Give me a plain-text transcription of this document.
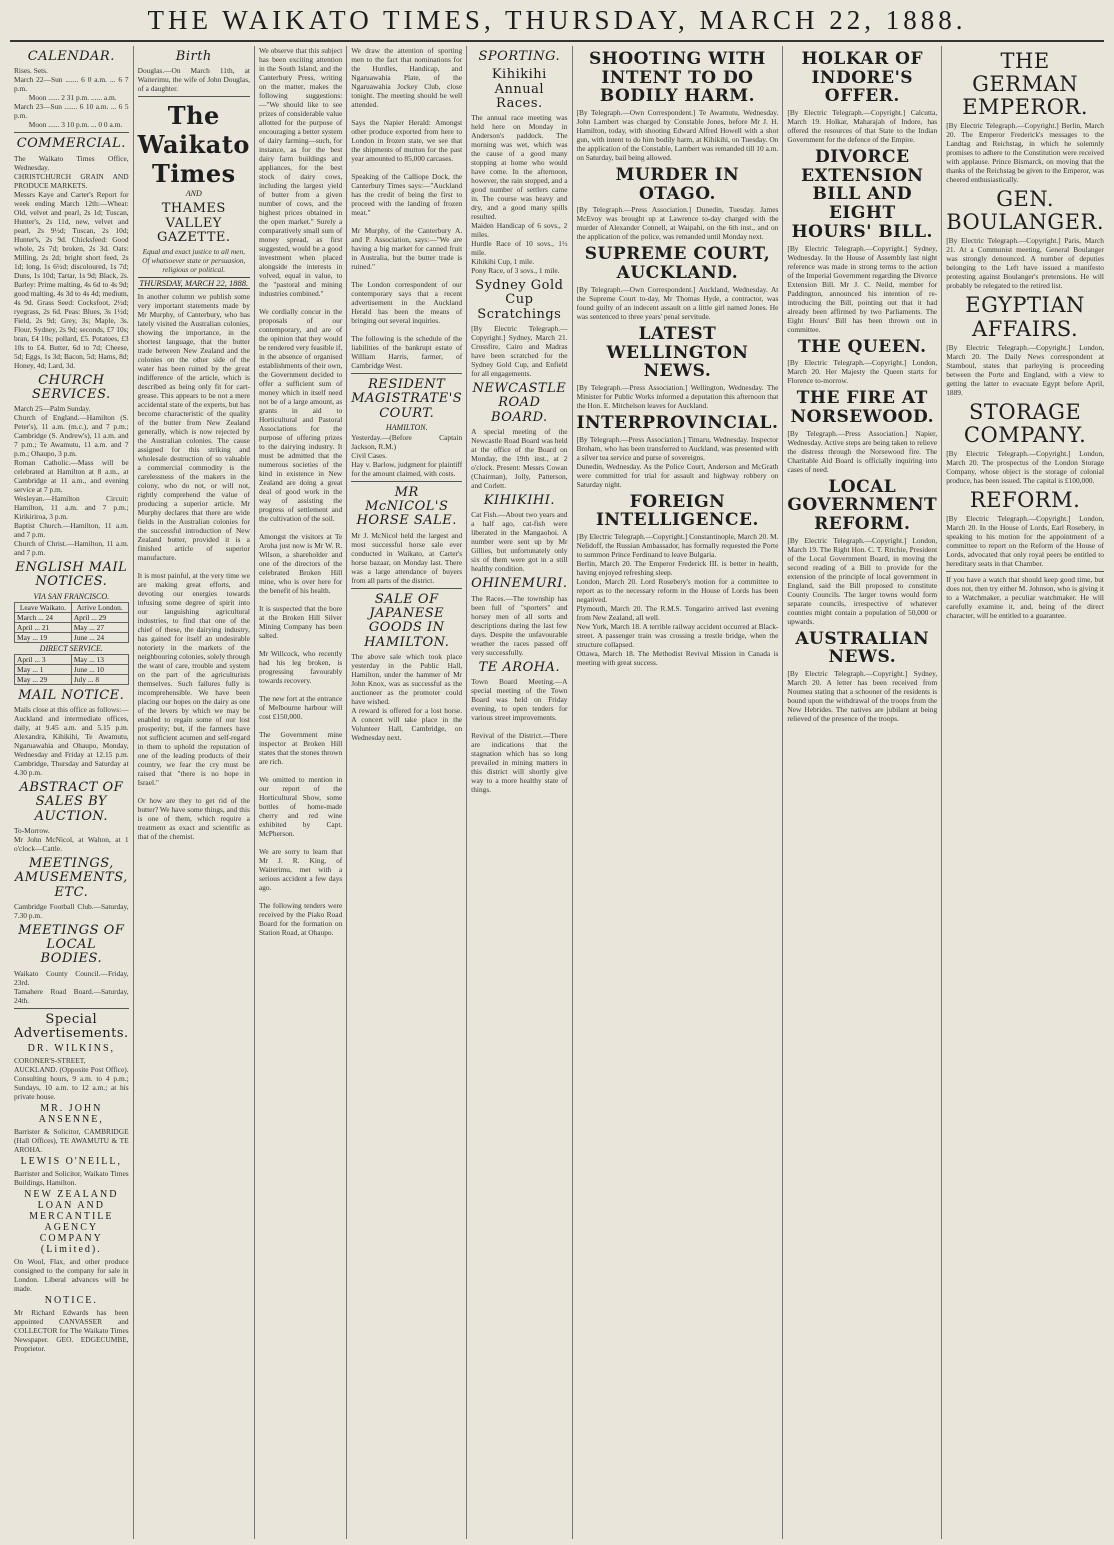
THE WAIKATO TIMES, THURSDAY, MARCH 22, 1888.
CALENDAR.

Rises. Sets.
March 22—Sun ....... 6 0 a.m. ... 6 7 p.m.
Moon ...... 2 31 p.m. ...... a.m.
March 23—Sun ....... 6 10 a.m. ... 6 5 p.m.
Moon ...... 3 10 p.m. ... 0 0 a.m.

COMMERCIAL.

The Waikato Times Office, Wednesday.
CHRISTCHURCH GRAIN AND PRODUCE MARKETS.
Messrs Kaye and Carter's Report for week ending March 12th:—Wheat: Old, velvet and pearl, 2s 1d; Tuscan, Hunter's, 2s 11d, new, velvet and pearl, 2s 9½d; Tuscan, 2s 10d; Hunter's, 2s 9d. Chicksfeed: Good whole, 2s 7d; broken, 2s 3d. Oats: Milling, 2s 2d; bright short feed, 2s 1d; long, 1s 6½d; discoloured, 1s 7d; Duns, 1s 10d; Tartar, 1s 9d; Black, 2s. Barley: Prime malting, 4s 6d to 4s 9d; good malting, 4s 3d to 4s 4d; medium, 4s 9d. Grass Seed: Cocksfoot, 2½d; ryegrass, 2s 6d. Peas: Blues, 3s 1½d; Field, 2s 9d; Grey, 3s; Maple, 3s. Flour, Sydney, 2s 9d; seconds, £7 10s; bran, £4 10s; pollard, £5. Potatoes, £3 10s to £4. Butter, 6d to 7d; Cheese, 5d; Eggs, 1s 3d; Bacon, 5d; Hams, 8d; Honey, 4d; Lard, 3d.

CHURCH SERVICES.

March 25—Palm Sunday.
Church of England.—Hamilton (S. Peter's), 11 a.m. (m.c.), and 7 p.m.; Cambridge (S. Andrew's), 11 a.m. and 7 p.m.; Te Awamutu, 11 a.m. and 7 p.m.; Ohaupo, 3 p.m.
Roman Catholic.—Mass will be celebrated at Hamilton at 8 a.m., at Cambridge at 11 a.m., and evening service at 7 p.m.
Wesleyan.—Hamilton Circuit: Hamilton, 11 a.m. and 7 p.m.; Kirikiriroa, 3 p.m.
Baptist Church.—Hamilton, 11 a.m. and 7 p.m.
Church of Christ.—Hamilton, 11 a.m. and 7 p.m.

ENGLISH MAIL NOTICES.
VIA SAN FRANCISCO.
Leave Waikato.	Arrive London.
March ... 24	April ... 29
April ... 21	May ... 27
May ... 19	June ... 24
DIRECT SERVICE.
April ... 3	May ... 13
May ... 1	June ... 10
May ... 29	July ... 8
MAIL NOTICE.

Mails close at this office as follows:—Auckland and intermediate offices, daily, at 9.45 a.m. and 5.15 p.m. Alexandra, Kihikihi, Te Awamutu, Ngaruawahia and Ohaupo, Monday, Wednesday and Friday at 12.15 p.m. Cambridge, Thursday and Saturday at 4.30 p.m.

ABSTRACT OF SALES BY AUCTION.

To-Morrow.
Mr John McNicol, at Walton, at 1 o'clock—Cattle.

MEETINGS, AMUSEMENTS, ETC.

Cambridge Football Club.—Saturday, 7.30 p.m.

MEETINGS OF LOCAL BODIES.

Waikato County Council.—Friday, 23rd.
Tamahere Road Board.—Saturday, 24th.

Special Advertisements.
DR. WILKINS,

CORONER'S-STREET, AUCKLAND. (Opposite Post Office). Consulting hours, 9 a.m. to 4 p.m.; Sundays, 10 a.m. to 12 a.m.; at his private house.

MR. JOHN ANSENNE,

Barrister & Solicitor, CAMBRIDGE (Hall Offices), TE AWAMUTU & TE AROHA.

LEWIS O'NEILL,

Barrister and Solicitor, Waikato Times Buildings, Hamilton.

NEW ZEALAND LOAN AND MERCANTILE AGENCY COMPANY (Limited).

On Wool, Flax, and other produce consigned to the company for sale in London. Liberal advances will be made.

NOTICE.

Mr Richard Edwards has been appointed CANVASSER and COLLECTOR for The Waikato Times Newspaper. GEO. EDGECUMBE, Proprietor.

Birth

Douglas.—On March 11th, at Waiterimu, the wife of John Douglas, of a daughter.

The Waikato Times
AND
THAMES VALLEY GAZETTE.

Equal and exact justice to all men,
Of whatsoever state or persuasion, religious or political.

THURSDAY, MARCH 22, 1888.

In another column we publish some very important statements made by Mr Murphy, of Canterbury, who has lately visited the Australian colonies, showing the importance, in the shortest language, that the butter trade between New Zealand and the colonies on the other side of the water has been ruined by the great indifference of the article, which is described as being only fit for cart-grease. This appears to be not a mere accidental state of the experts, but has become characteristic of the quality of the butter from New Zealand generally, which is now rejected by the Australian colonies. The cause assigned for this striking and wholesale destruction of so valuable a commercial commodity is the carelessness of the makers in the colony, who do not, or will not, rightly comprehend the value of producing a superior article. Mr Murphy declares that there are wide fields in the Australian colonies for the successful introduction of New Zealand butter, provided it is a finished article of superior manufacture.

It is most painful, at the very time we are making great efforts, and devoting our energies towards infusing some degree of spirit into our languishing agricultural industries, to find that one of the chief of these, the dairying industry, has gained for itself an undesirable notoriety in the markets of the neighbouring colonies, solely through the want of care, trouble and system on the part of the agriculturists themselves. Such failures fully is incomprehensible. We have been placing our hopes on the dairy as one of the levers by which we may be enabled to regain some of our lost prosperity; but, if the farmers have not sufficient acumen and self-regard in them to uphold the reputation of one of the leading products of their country, we fear the cry must be raised that "there is no hope in Israel."

Or how are they to get rid of the butter? We have some things, and this is one of them, which require a treatment as exact and scientific as that of the chemist.

We observe that this subject has been exciting attention in the South Island, and the Canterbury Press, writing on the matter, makes the following suggestions:—"We should like to see prizes of considerable value allotted for the purpose of encouraging a better system of dairy farming—such, for instance, as for the best dairy farm buildings and appliances, for the best stock of dairy cows, including the largest yield of butter from a given number of cows, and the highest prices obtained in the open market." Surely a comparatively small sum of money spread, as first suggested, would be a good investment when placed alongside the interests in volved, equal in value, to the "pastoral and mining industries combined."

We cordially concur in the proposals of our contemporary, and are of the opinion that they would be rendered very feasible if, in the absence of organised establishments of their own, the Government decided to offer a sufficient sum of money which in itself need not be of a large amount, as grants in aid to Horticultural and Pastoral Associations for the purpose of offering prizes to the dairying industry. It must be admitted that the numerous societies of the kind in existence in New Zealand are doing a great deal of good work in the way of assisting the progress of settlement and the cultivation of the soil.

Amongst the visitors at Te Aroha just now is Mr W. R. Wilson, a shareholder and one of the directors of the celebrated Broken Hill mine, who is over here for the benefit of his health.

It is suspected that the bore at the Broken Hill Silver Mining Company has been salted.

Mr Willcock, who recently had his leg broken, is progressing favourably towards recovery.

The new fort at the entrance of Melbourne harbour will cost £150,000.

The Government mine inspector at Broken Hill states that the stones thrown are rich.

We omitted to mention in our report of the Horticultural Show, some bottles of home-made cherry and red wine exhibited by Capt. McPherson.

We are sorry to learn that Mr J. R. King, of Waiterimu, met with a serious accident a few days ago.

The following tenders were received by the Piako Road Board for the formation on Station Road, at Ohaupo.

We draw the attention of sporting men to the fact that nominations for the Hurdles, Handicap, and Ngaruawahia Plate, of the Ngaruawahia Jockey Club, close tonight. The meeting should be well attended.

Says the Napier Herald: Amongst other produce exported from here to London in frozen state, we see that the shipments of mutton for the past year amounted to 85,000 carcases.

Speaking of the Calliope Dock, the Canterbury Times says:—"Auckland has the credit of being the first to proceed with the landing of frozen meat."

Mr Murphy, of the Canterbury A. and P. Association, says:—"We are having a big market for canned fruit in Australia, but the butter trade is ruined."

The London correspondent of our contemporary says that a recent advertisement in the Auckland Herald has been the means of bringing out several inquiries.

The following is the schedule of the liabilities of the bankrupt estate of William Harris, farmer, of Cambridge West.

RESIDENT MAGISTRATE'S COURT.
HAMILTON.

Yesterday.—(Before Captain Jackson, R.M.)
Civil Cases.
Hay v. Barlow, judgment for plaintiff for the amount claimed, with costs.

MR McNICOL'S HORSE SALE.

Mr J. McNicol held the largest and most successful horse sale ever conducted in Waikato, at Carter's horse bazaar, on Monday last. There was a large attendance of buyers from all parts of the district.

SALE OF JAPANESE GOODS IN HAMILTON.

The above sale which took place yesterday in the Public Hall, Hamilton, under the hammer of Mr John Knox, was as successful as the auctioneer as the promoter could have wished.

A reward is offered for a lost horse. A concert will take place in the Volunteer Hall, Cambridge, on Wednesday next.

SPORTING.
Kihikihi Annual Races.

The annual race meeting was held here on Monday in Anderson's paddock. The morning was wet, which was the cause of a good many stopping at home who would have come. In the afternoon, however, the rain stopped, and a good number of settlers came in. The course was heavy and dry, and a good many spills resulted.
Maiden Handicap of 6 sovs., 2 miles.
Hurdle Race of 10 sovs., 1½ mile.
Kihikihi Cup, 1 mile.
Pony Race, of 3 sovs., 1 mile.

Sydney Gold Cup Scratchings

[By Electric Telegraph.—Copyright.] Sydney, March 21. Crossfire, Cairo and Madras have been scratched for the Sydney Gold Cup, and Enfield for all engagements.

NEWCASTLE ROAD BOARD.

A special meeting of the Newcastle Road Board was held at the office of the Board on Monday, the 19th inst., at 2 o'clock. Present: Messrs Cowan (Chairman), Jolly, Patterson, and Corlett.

KIHIKIHI.

Cat Fish.—About two years and a half ago, cat-fish were liberated in the Mangaohoi. A number were sent up by Mr Gillies, but unfortunately only six of them were got in a still healthy condition.

OHINEMURI.

The Races.—The township has been full of "sporters" and horsey men of all sorts and descriptions during the last few days. Despite the unfavourable weather the races passed off very successfully.

TE AROHA.

Town Board Meeting.—A special meeting of the Town Board was held on Friday evening, to open tenders for various street improvements.

Revival of the District.—There are indications that the stagnation which has so long prevailed in mining matters in this district will shortly give way to a more healthy state of things.

SHOOTING WITH INTENT TO DO BODILY HARM.

[By Telegraph.—Own Correspondent.] Te Awamutu, Wednesday. John Lambert was charged by Constable Jones, before Mr J. H. Hamilton, today, with shooting Edward Alfred Howell with a shot gun, with intent to do him bodily harm, at Kihikihi, on Tuesday. On the application of the Constable, Lambert was remanded till 10 a.m. on Saturday, bail being allowed.

MURDER IN OTAGO.

[By Telegraph.—Press Association.] Dunedin, Tuesday. James McEvoy was brought up at Lawrence to-day charged with the murder of Alexander Connell, at Waipahi, on the 6th inst., and on the application of the police, was remanded until Monday next.

SUPREME COURT, AUCKLAND.

[By Telegraph.—Own Correspondent.] Auckland, Wednesday. At the Supreme Court to-day, Mr Thomas Hyde, a contractor, was found guilty of an indecent assault on a little girl named Jones. He was sentenced to three years' penal servitude.

LATEST WELLINGTON NEWS.

[By Telegraph.—Press Association.] Wellington, Wednesday. The Minister for Public Works informed a deputation this afternoon that the Hon. E. Mitchelson leaves for Auckland.

INTERPROVINCIAL.

[By Telegraph.—Press Association.] Timaru, Wednesday. Inspector Broham, who has been transferred to Auckland, was presented with a silver tea service and purse of sovereigns.
Dunedin, Wednesday. As the Police Court, Anderson and McGrath were committed for trial for assault and highway robbery on Saturday night.

FOREIGN INTELLIGENCE.

[By Electric Telegraph.—Copyright.] Constantinople, March 20. M. Nelidoff, the Russian Ambassador, has formally requested the Porte to summon Prince Ferdinand to leave Bulgaria.
Berlin, March 20. The Emperor Frederick III. is better in health, having enjoyed refreshing sleep.
London, March 20. Lord Rosebery's motion for a committee to report as to the necessary reform in the House of Lords has been negatived.
Plymouth, March 20. The R.M.S. Tongariro arrived last evening from New Zealand, all well.
New York, March 18. A terrible railway accident occurred at Black-street. A passenger train was crossing a trestle bridge, when the structure collapsed.
Ottawa, March 18. The Methodist Revival Mission in Canada is meeting with great success.

HOLKAR OF INDORE'S OFFER.

[By Electric Telegraph.—Copyright.] Calcutta, March 19. Holkar, Maharajah of Indore, has offered the resources of that State to the Indian Government for the defence of the Empire.

DIVORCE EXTENSION BILL AND EIGHT HOURS' BILL.

[By Electric Telegraph.—Copyright.] Sydney, Wednesday. In the House of Assembly last night reference was made in strong terms to the action of the Imperial Government regarding the Divorce Extension Bill. Mr J. C. Neild, member for Paddington, announced his intention of re-introducing the Bill, pointing out that it had already been affirmed by two Parliaments. The Eight Hours' Bill has been thrown out in committee.

THE QUEEN.

[By Electric Telegraph.—Copyright.] London, March 20. Her Majesty the Queen starts for Florence to-morrow.

THE FIRE AT NORSEWOOD.

[By Telegraph.—Press Association.] Napier, Wednesday. Active steps are being taken to relieve the distress through the Norsewood fire. The Charitable Aid Board is officially inquiring into cases of need.

LOCAL GOVERNMENT REFORM.

[By Electric Telegraph.—Copyright.] London, March 19. The Right Hon. C. T. Ritchie, President of the Local Government Board, in moving the second reading of a Bill to provide for the extension of the principle of local government in England, said the Bill proposed to constitute County Councils. The larger towns would form separate councils, irrespective of whatever counties might contain a population of 50,000 or upwards.

AUSTRALIAN NEWS.

[By Electric Telegraph.—Copyright.] Sydney, March 20. A letter has been received from Noumea stating that a schooner of the residents is bound upon the withdrawal of the troops from the New Hebrides. The natives are jubilant at being relieved of the presence of the troops.

THE GERMAN EMPEROR.

[By Electric Telegraph.—Copyright.] Berlin, March 20. The Emperor Frederick's messages to the Landtag and Reichstag, in which he solemnly promises to adhere to the Constitution were received with applause. Prince Bismarck, on moving that the thanks of the Reichstag be given to the Emperor, was cheered enthusiastically.

GEN. BOULANGER.

[By Electric Telegraph.—Copyright.] Paris, March 21. At a Communist meeting, General Boulanger was strongly denounced. A number of deputies belonging to the Left have issued a manifesto protesting against Boulanger's pretensions. He will probably be relegated to the retired list.

EGYPTIAN AFFAIRS.

[By Electric Telegraph.—Copyright.] London, March 20. The Daily News correspondent at Stamboul, states that parleying is proceeding between the Porte and England, with a view to getting the latter to evacuate Egypt before April, 1889.

STORAGE COMPANY.

[By Electric Telegraph.—Copyright.] London, March 20. The prospectus of the London Storage Company, whose object is the storage of colonial produce, has been issued. The capital is £100,000.

REFORM.

[By Electric Telegraph.—Copyright.] London, March 20. In the House of Lords, Earl Rosebery, in speaking to his motion for the appointment of a committee to report on the Reform of the House of Lords, advocated that only royal peers be entitled to hereditary seats in that Chamber.

If you have a watch that should keep good time, but does not, then try either M. Johnson, who is giving it to a Watchmaker, a peculiar watchmaker. He will carefully examine it, and, being of the direct character, will be entitled to a guarantee.
